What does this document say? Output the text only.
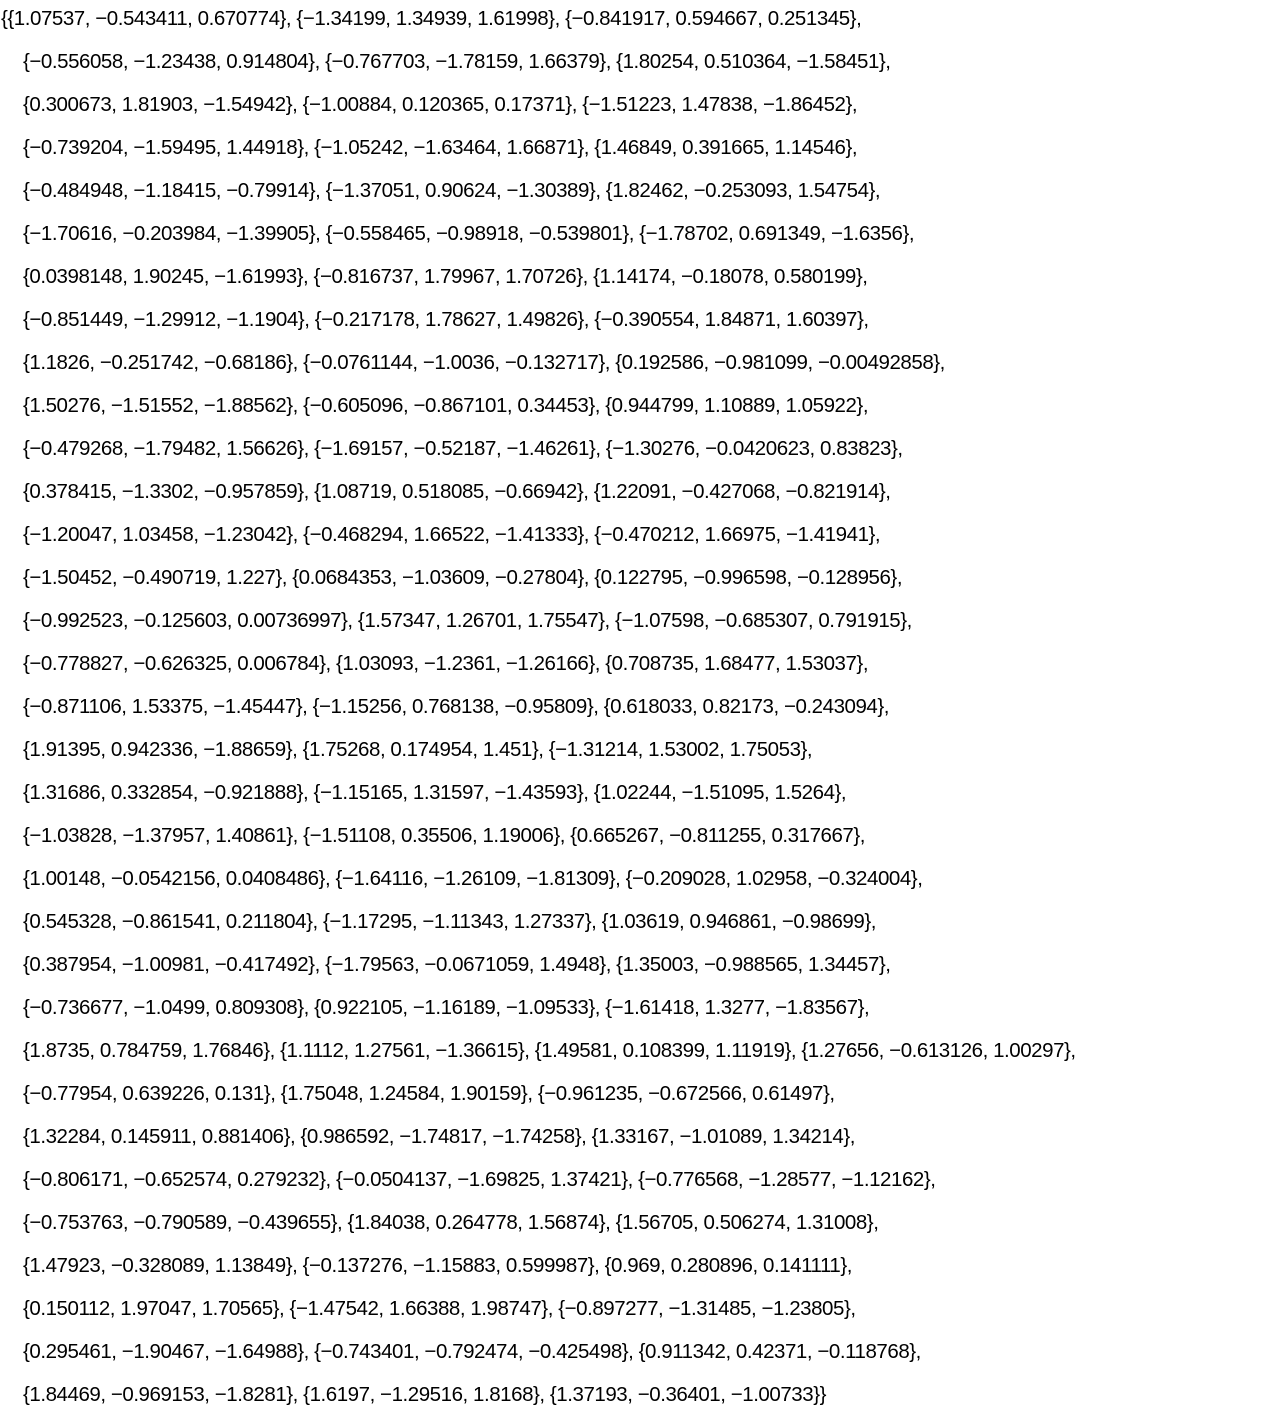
{{1.07537, −0.543411, 0.670774}, {−1.34199, 1.34939, 1.61998}, {−0.841917, 0.594667, 0.251345},
{−0.556058, −1.23438, 0.914804}, {−0.767703, −1.78159, 1.66379}, {1.80254, 0.510364, −1.58451},
{0.300673, 1.81903, −1.54942}, {−1.00884, 0.120365, 0.17371}, {−1.51223, 1.47838, −1.86452},
{−0.739204, −1.59495, 1.44918}, {−1.05242, −1.63464, 1.66871}, {1.46849, 0.391665, 1.14546},
{−0.484948, −1.18415, −0.79914}, {−1.37051, 0.90624, −1.30389}, {1.82462, −0.253093, 1.54754},
{−1.70616, −0.203984, −1.39905}, {−0.558465, −0.98918, −0.539801}, {−1.78702, 0.691349, −1.6356},
{0.0398148, 1.90245, −1.61993}, {−0.816737, 1.79967, 1.70726}, {1.14174, −0.18078, 0.580199},
{−0.851449, −1.29912, −1.1904}, {−0.217178, 1.78627, 1.49826}, {−0.390554, 1.84871, 1.60397},
{1.1826, −0.251742, −0.68186}, {−0.0761144, −1.0036, −0.132717}, {0.192586, −0.981099, −0.00492858},
{1.50276, −1.51552, −1.88562}, {−0.605096, −0.867101, 0.34453}, {0.944799, 1.10889, 1.05922},
{−0.479268, −1.79482, 1.56626}, {−1.69157, −0.52187, −1.46261}, {−1.30276, −0.0420623, 0.83823},
{0.378415, −1.3302, −0.957859}, {1.08719, 0.518085, −0.66942}, {1.22091, −0.427068, −0.821914},
{−1.20047, 1.03458, −1.23042}, {−0.468294, 1.66522, −1.41333}, {−0.470212, 1.66975, −1.41941},
{−1.50452, −0.490719, 1.227}, {0.0684353, −1.03609, −0.27804}, {0.122795, −0.996598, −0.128956},
{−0.992523, −0.125603, 0.00736997}, {1.57347, 1.26701, 1.75547}, {−1.07598, −0.685307, 0.791915},
{−0.778827, −0.626325, 0.006784}, {1.03093, −1.2361, −1.26166}, {0.708735, 1.68477, 1.53037},
{−0.871106, 1.53375, −1.45447}, {−1.15256, 0.768138, −0.95809}, {0.618033, 0.82173, −0.243094},
{1.91395, 0.942336, −1.88659}, {1.75268, 0.174954, 1.451}, {−1.31214, 1.53002, 1.75053},
{1.31686, 0.332854, −0.921888}, {−1.15165, 1.31597, −1.43593}, {1.02244, −1.51095, 1.5264},
{−1.03828, −1.37957, 1.40861}, {−1.51108, 0.35506, 1.19006}, {0.665267, −0.811255, 0.317667},
{1.00148, −0.0542156, 0.0408486}, {−1.64116, −1.26109, −1.81309}, {−0.209028, 1.02958, −0.324004},
{0.545328, −0.861541, 0.211804}, {−1.17295, −1.11343, 1.27337}, {1.03619, 0.946861, −0.98699},
{0.387954, −1.00981, −0.417492}, {−1.79563, −0.0671059, 1.4948}, {1.35003, −0.988565, 1.34457},
{−0.736677, −1.0499, 0.809308}, {0.922105, −1.16189, −1.09533}, {−1.61418, 1.3277, −1.83567},
{1.8735, 0.784759, 1.76846}, {1.1112, 1.27561, −1.36615}, {1.49581, 0.108399, 1.11919}, {1.27656, −0.613126, 1.00297},
{−0.77954, 0.639226, 0.131}, {1.75048, 1.24584, 1.90159}, {−0.961235, −0.672566, 0.61497},
{1.32284, 0.145911, 0.881406}, {0.986592, −1.74817, −1.74258}, {1.33167, −1.01089, 1.34214},
{−0.806171, −0.652574, 0.279232}, {−0.0504137, −1.69825, 1.37421}, {−0.776568, −1.28577, −1.12162},
{−0.753763, −0.790589, −0.439655}, {1.84038, 0.264778, 1.56874}, {1.56705, 0.506274, 1.31008},
{1.47923, −0.328089, 1.13849}, {−0.137276, −1.15883, 0.599987}, {0.969, 0.280896, 0.141111},
{0.150112, 1.97047, 1.70565}, {−1.47542, 1.66388, 1.98747}, {−0.897277, −1.31485, −1.23805},
{0.295461, −1.90467, −1.64988}, {−0.743401, −0.792474, −0.425498}, {0.911342, 0.42371, −0.118768},
{1.84469, −0.969153, −1.8281}, {1.6197, −1.29516, 1.8168}, {1.37193, −0.36401, −1.00733}}
